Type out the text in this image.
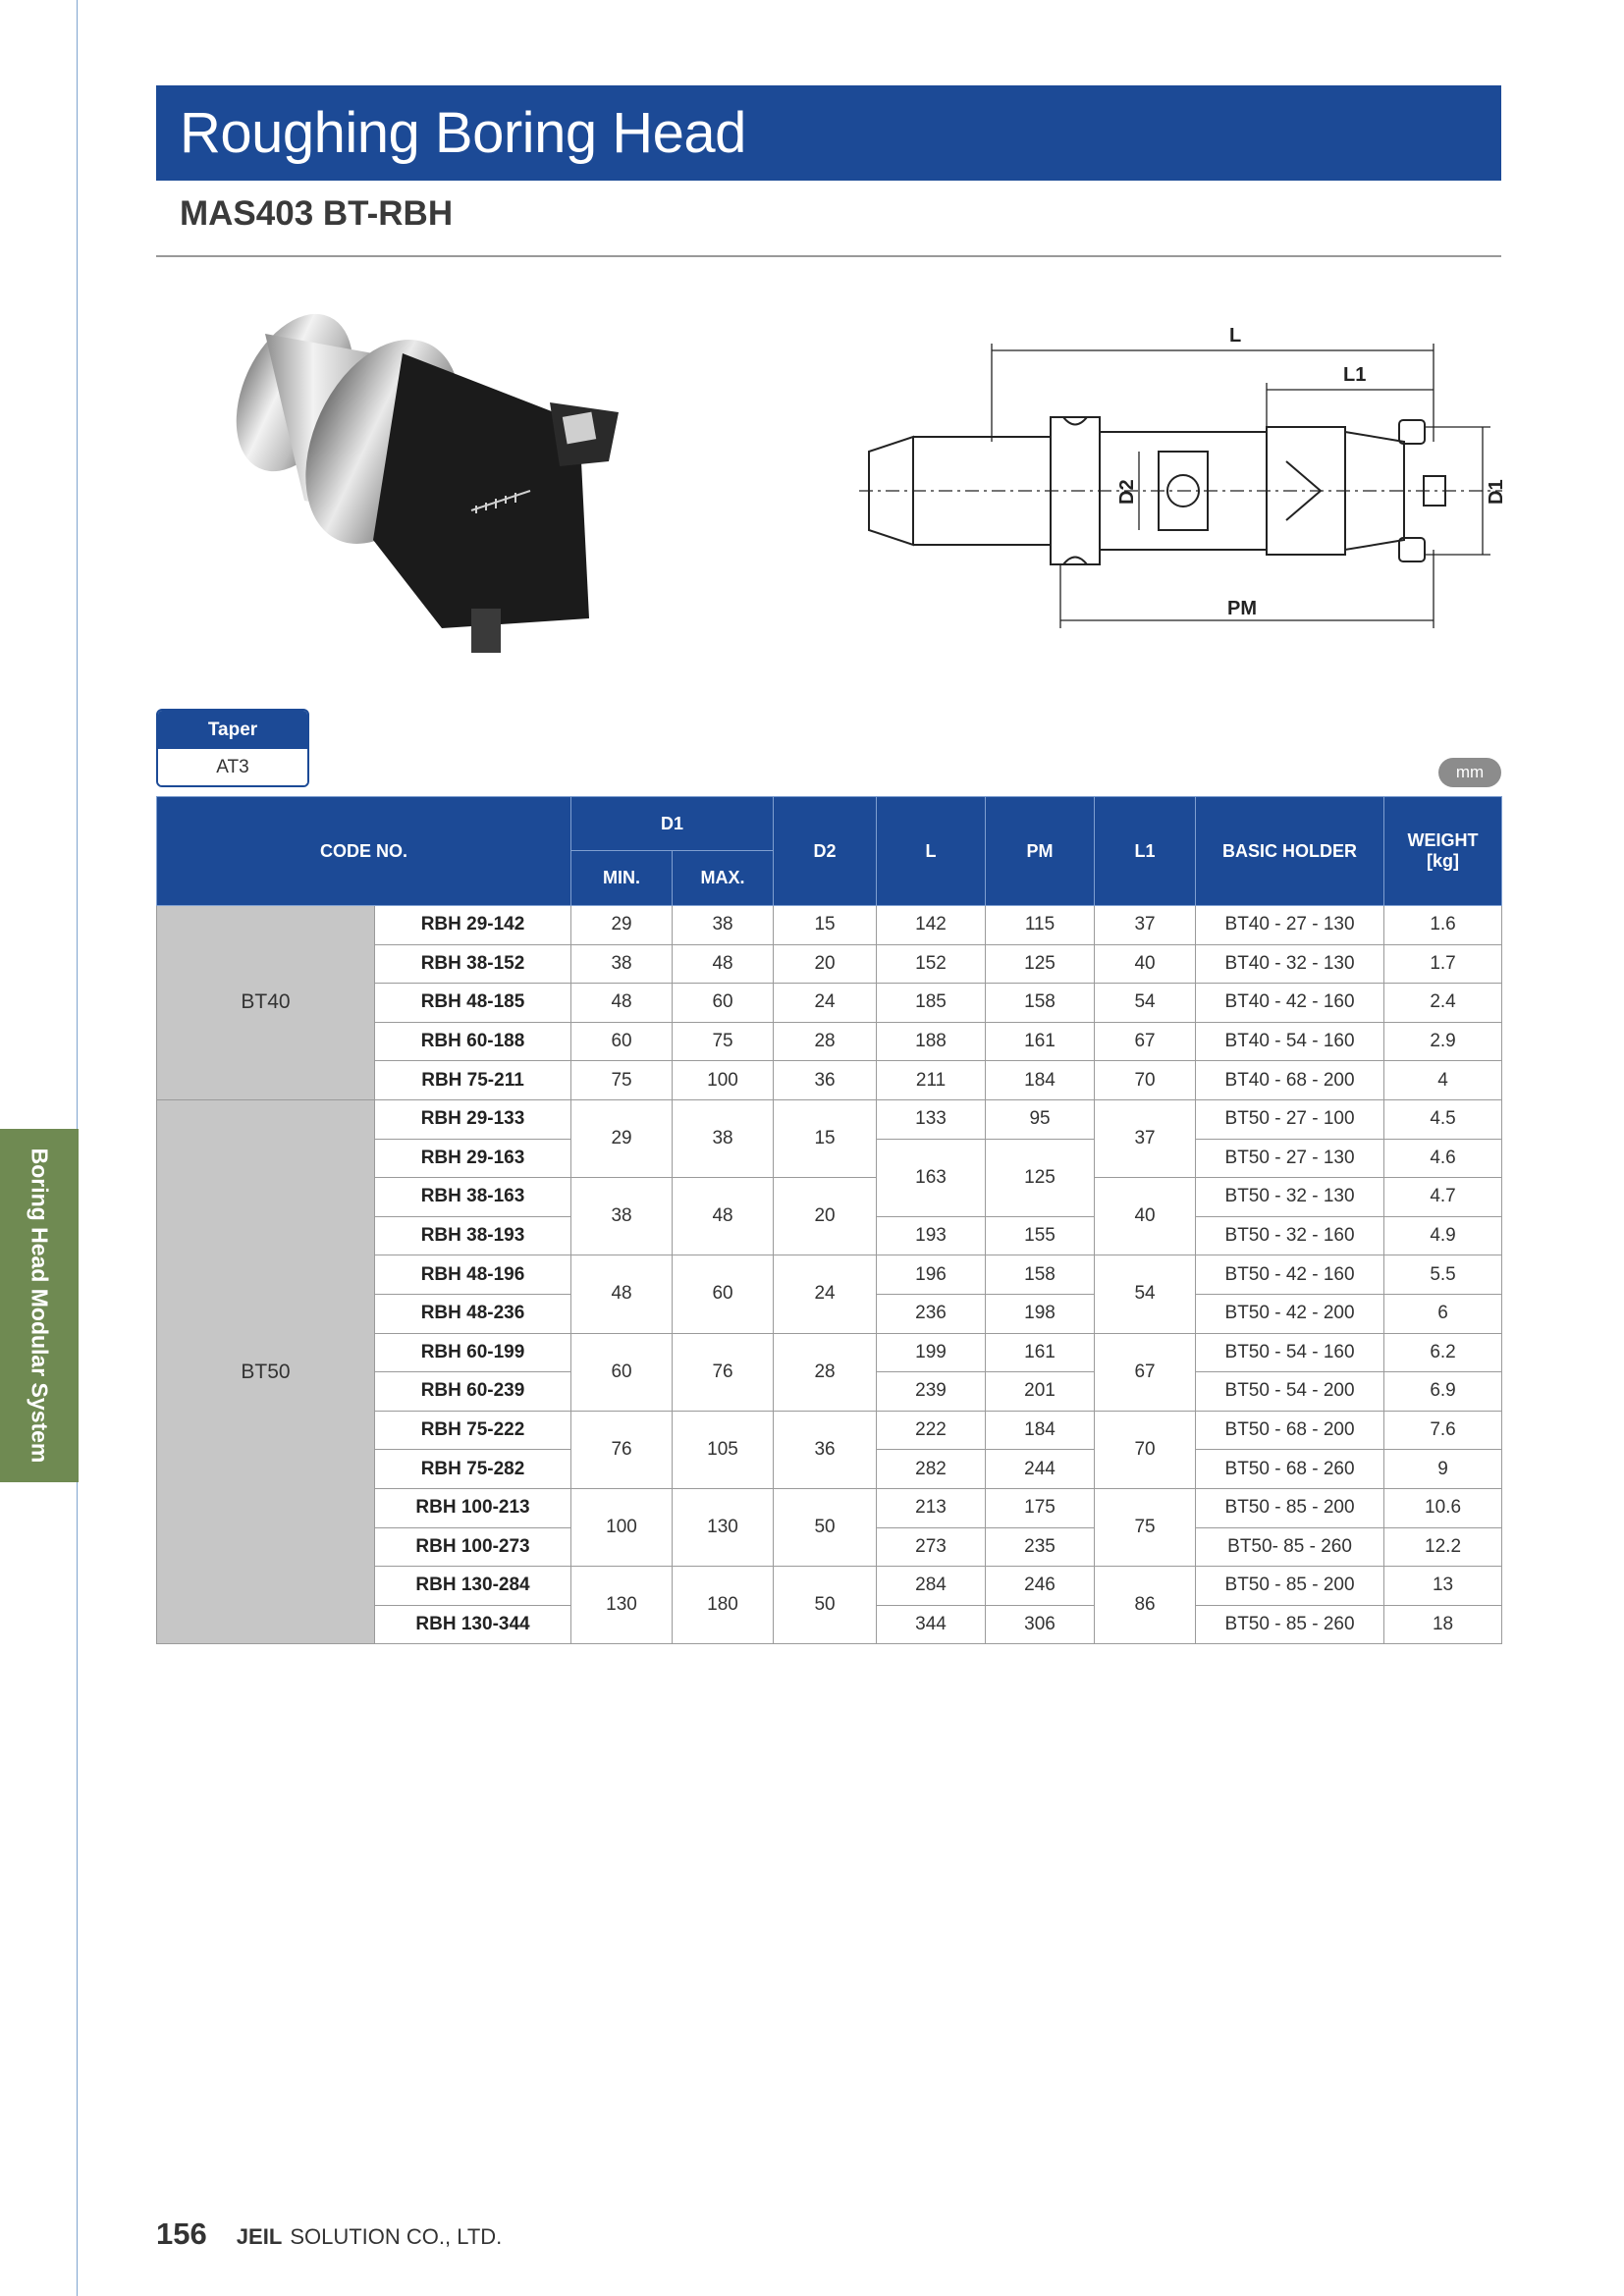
Roughing Boring Head
MAS403 BT-RBH
L
L1
PM
D2	D1
Taper
AT3	mm
CODE NO.		D1		D2	L	PM	L1	BASIC HOLDER	WEIGHT
[kg]
		MIN.	MAX.						
BT40	RBH 29-142	29	38	15	142	115	37	BT40 - 27 - 130	1.6
	RBH 38-152	38	48	20	152	125	40	BT40 - 32 - 130	1.7
	RBH 48-185	48	60	24	185	158	54	BT40 - 42 - 160	2.4
	RBH 60-188	60	75	28	188	161	67	BT40 - 54 - 160	2.9
	RBH 75-211	75	100	36	211	184	70	BT40 - 68 - 200	4
BT50	RBH 29-133	29	38	15	133	95	37	BT50 - 27 - 100	4.5
	RBH 29-163				163	125		BT50 - 27 - 130	4.6
	RBH 38-163	38	48	20			40	BT50 - 32 - 130	4.7
	RBH 38-193				193	155		BT50 - 32 - 160	4.9
	RBH 48-196	48	60	24	196	158	54	BT50 - 42 - 160	5.5
	RBH 48-236				236	198		BT50 - 42 - 200	6
	RBH 60-199	60	76	28	199	161	67	BT50 - 54 - 160	6.2
	RBH 60-239				239	201		BT50 - 54 - 200	6.9
	RBH 75-222	76	105	36	222	184	70	BT50 - 68 - 200	7.6
	RBH 75-282				282	244		BT50 - 68 - 260	9
	RBH 100-213	100	130	50	213	175	75	BT50 - 85 - 200	10.6
	RBH 100-273				273	235		BT50- 85 - 260	12.2
	RBH 130-284	130	180	50	284	246	86	BT50 - 85 - 200	13
	RBH 130-344				344	306		BT50 - 85 - 260	18
Boring Head Modular System
156 JEIL SOLUTION CO., LTD.
